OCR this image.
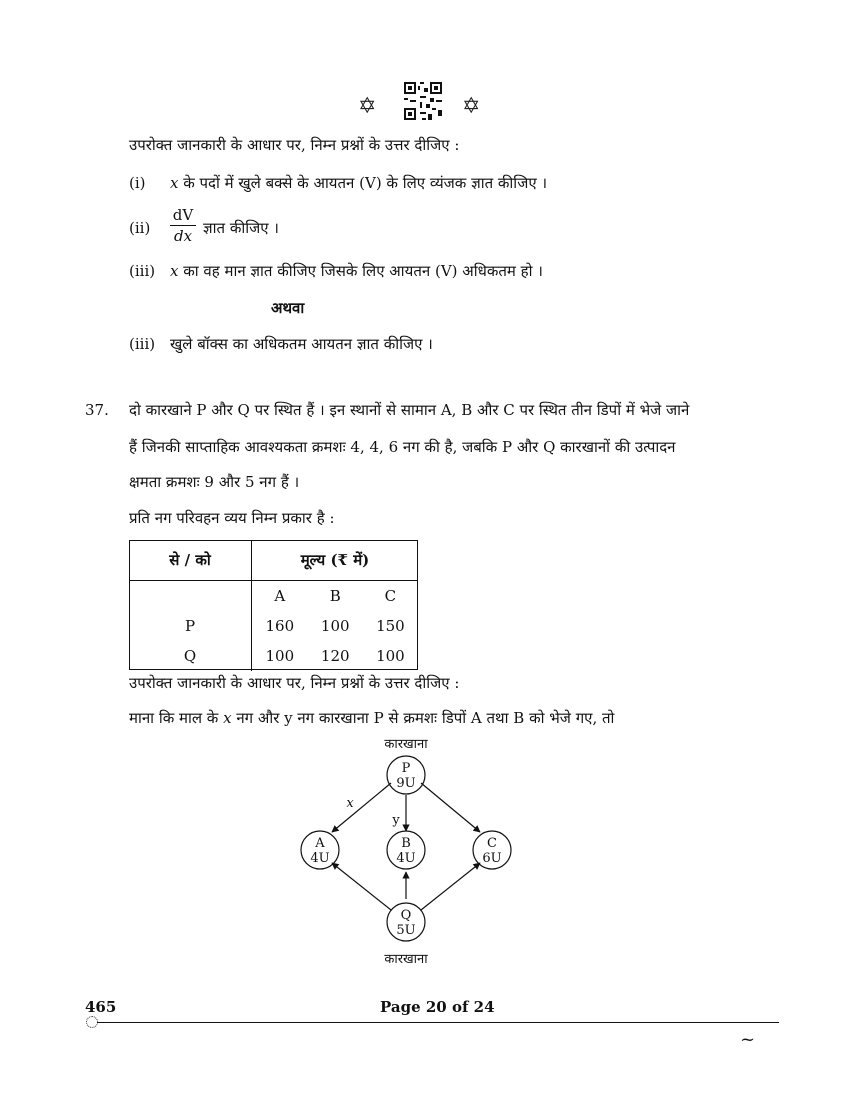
✡	✡
उपरोक्त जानकारी के आधार पर, निम्न प्रश्नों के उत्तर दीजिए :
(i) x के पदों में खुले बक्से के आयतन (V) के लिए व्यंजक ज्ञात कीजिए ।
(ii)
dV
dx ज्ञात कीजिए ।
(iii) x का वह मान ज्ञात कीजिए जिसके लिए आयतन (V) अधिकतम हो ।
अथवा
(iii) खुले बॉक्स का अधिकतम आयतन ज्ञात कीजिए ।
37. दो कारखाने P और Q पर स्थित हैं । इन स्थानों से सामान A, B और C पर स्थित तीन डिपों में भेजे जाने
हैं जिनकी साप्ताहिक आवश्यकता क्रमशः 4, 4, 6 नग की है, जबकि P और Q कारखानों की उत्पादन
क्षमता क्रमशः 9 और 5 नग हैं ।
प्रति नग परिवहन व्यय निम्न प्रकार है :
से / को	मूल्य (₹ में)		
	A	B	C
P	160	100	150
Q	100	120	100
उपरोक्त जानकारी के आधार पर, निम्न प्रश्नों के उत्तर दीजिए :
माना कि माल के x नग और y नग कारखाना P से क्रमशः डिपों A तथा B को भेजे गए, तो
कारखाना
P
9U
A
4U
B
4U
C
6U
Q
5U
कारखाना
x
y
465	Page 20 of 24
~
